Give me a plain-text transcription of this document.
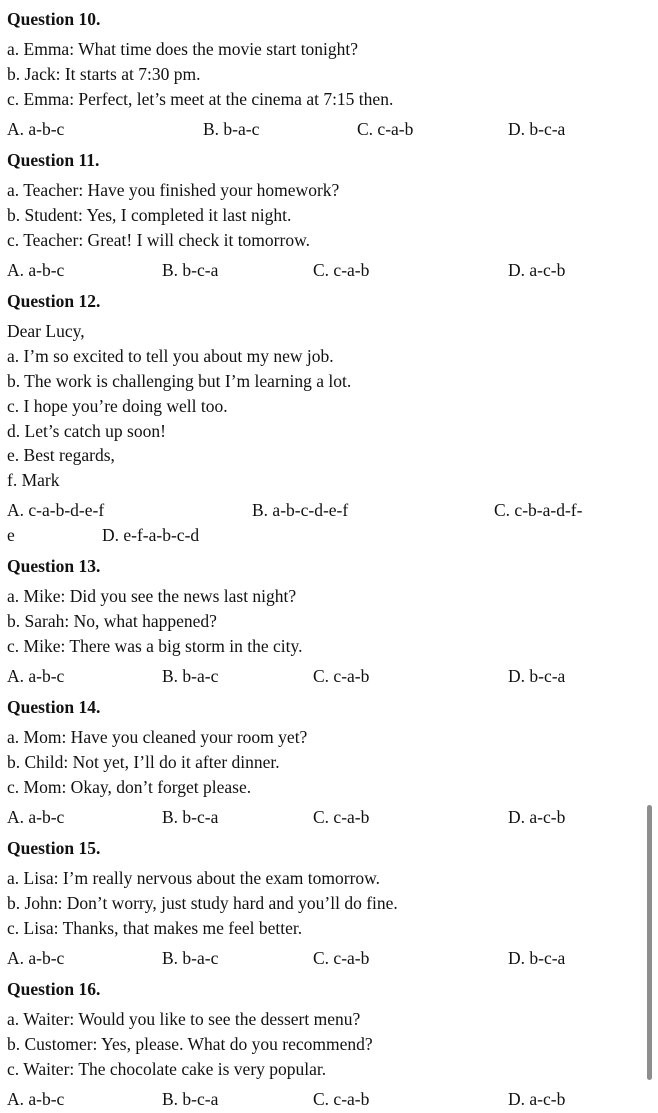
Question 10.
a. Emma: What time does the movie start tonight?
b. Jack: It starts at 7:30 pm.
c. Emma: Perfect, let’s meet at the cinema at 7:15 then.
A. a-b-c	B. b-a-c	C. c-a-b	D. b-c-a
Question 11.
a. Teacher: Have you finished your homework?
b. Student: Yes, I completed it last night.
c. Teacher: Great! I will check it tomorrow.
A. a-b-c	B. b-c-a	C. c-a-b	D. a-c-b
Question 12.
Dear Lucy,
a. I’m so excited to tell you about my new job.
b. The work is challenging but I’m learning a lot.
c. I hope you’re doing well too.
d. Let’s catch up soon!
e. Best regards,
f. Mark
A. c-a-b-d-e-f	B. a-b-c-d-e-f	C. c-b-a-d-f-
e	D. e-f-a-b-c-d
Question 13.
a. Mike: Did you see the news last night?
b. Sarah: No, what happened?
c. Mike: There was a big storm in the city.
A. a-b-c	B. b-a-c	C. c-a-b	D. b-c-a
Question 14.
a. Mom: Have you cleaned your room yet?
b. Child: Not yet, I’ll do it after dinner.
c. Mom: Okay, don’t forget please.
A. a-b-c	B. b-c-a	C. c-a-b	D. a-c-b
Question 15.
a. Lisa: I’m really nervous about the exam tomorrow.
b. John: Don’t worry, just study hard and you’ll do fine.
c. Lisa: Thanks, that makes me feel better.
A. a-b-c	B. b-a-c	C. c-a-b	D. b-c-a
Question 16.
a. Waiter: Would you like to see the dessert menu?
b. Customer: Yes, please. What do you recommend?
c. Waiter: The chocolate cake is very popular.
A. a-b-c	B. b-c-a	C. c-a-b	D. a-c-b
